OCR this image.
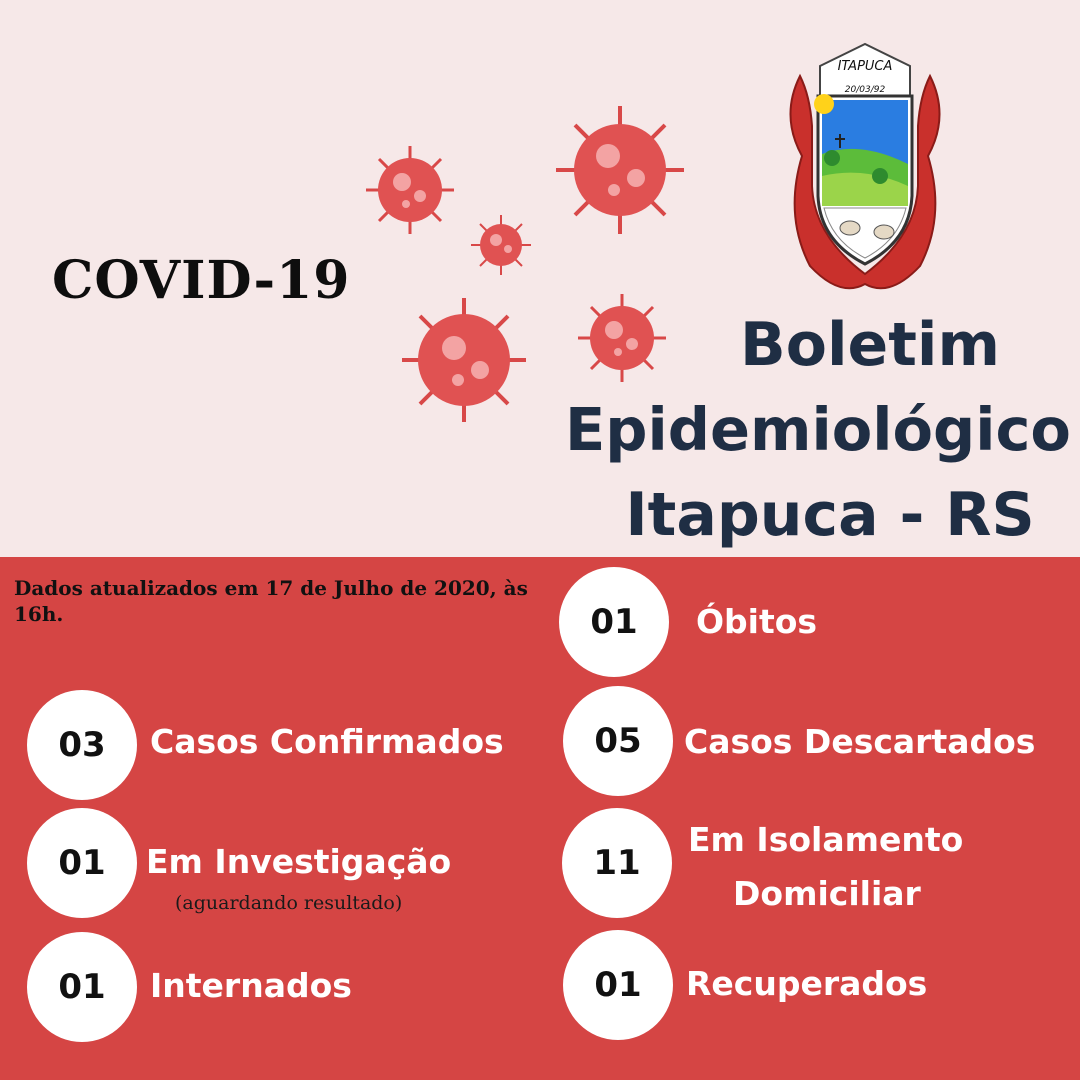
ITAPUCA
20/03/92
COVID-19
Boletim
Epidemiológico
Itapuca - RS
Dados atualizados em 17 de Julho de 2020, às 16h.	01	Óbitos
03	Casos Confirmados	05	Casos Descartados
01	Em Investigação
(aguardando resultado)
11
Em Isolamento
Domiciliar
01	Internados	01	Recuperados
